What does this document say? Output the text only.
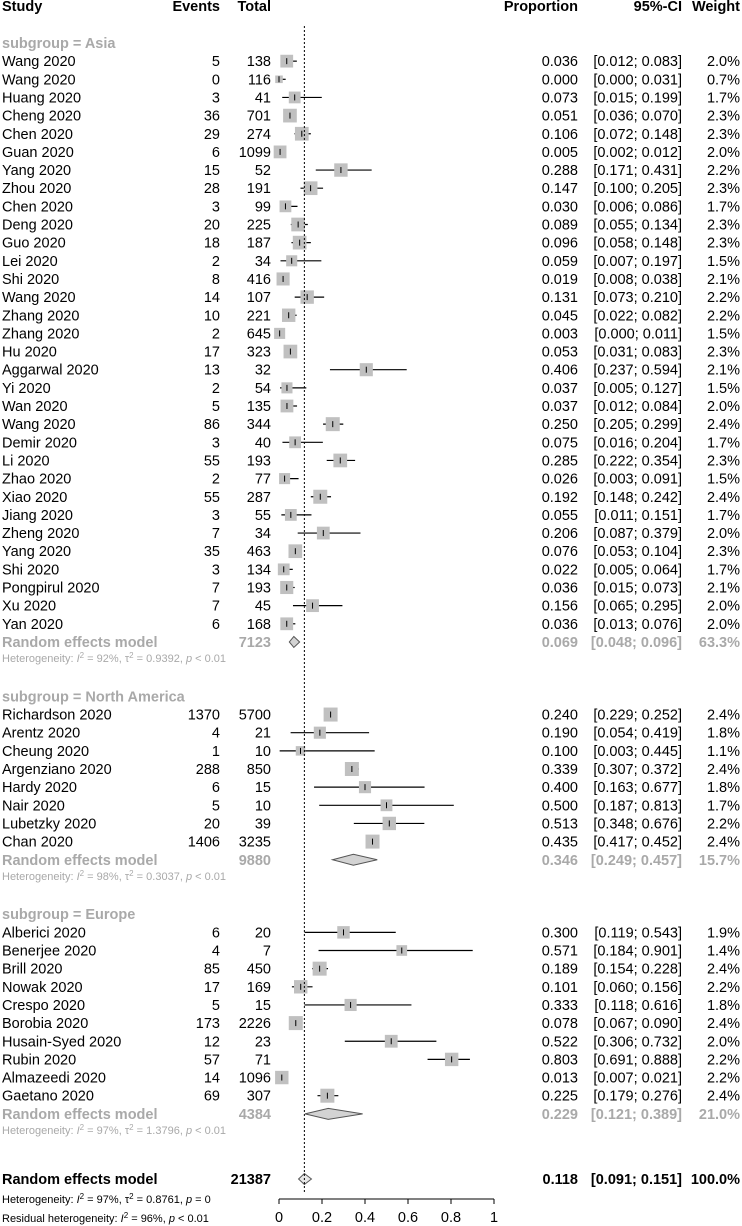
Study	Events Total	Proportion	95%-CI Weight
subgroup = Asia
Wang 2020	5 138	0.036 [0.012; 0.083] 2.0%
Wang 2020	0 116	0.000 [0.000; 0.031] 0.7%
Huang 2020	3 41	0.073 [0.015; 0.199] 1.7%
Cheng 2020	36 701	0.051 [0.036; 0.070] 2.3%
Chen 2020	29 274	0.106 [0.072; 0.148] 2.3%
Guan 2020	6 1099	0.005 [0.002; 0.012] 2.0%
Yang 2020	15 52	0.288 [0.171; 0.431] 2.2%
Zhou 2020	28 191	0.147 [0.100; 0.205] 2.3%
Chen 2020	3 99	0.030 [0.006; 0.086] 1.7%
Deng 2020	20 225	0.089 [0.055; 0.134] 2.3%
Guo 2020	18 187	0.096 [0.058; 0.148] 2.3%
Lei 2020	2 34	0.059 [0.007; 0.197] 1.5%
Shi 2020	8 416	0.019 [0.008; 0.038] 2.1%
Wang 2020	14 107	0.131 [0.073; 0.210] 2.2%
Zhang 2020	10 221	0.045 [0.022; 0.082] 2.2%
Zhang 2020	2 645	0.003 [0.000; 0.011] 1.5%
Hu 2020	17 323	0.053 [0.031; 0.083] 2.3%
Aggarwal 2020	13 32	0.406 [0.237; 0.594] 2.1%
Yi 2020	2 54	0.037 [0.005; 0.127] 1.5%
Wan 2020	5 135	0.037 [0.012; 0.084] 2.0%
Wang 2020	86 344	0.250 [0.205; 0.299] 2.4%
Demir 2020	3 40	0.075 [0.016; 0.204] 1.7%
Li 2020	55 193	0.285 [0.222; 0.354] 2.3%
Zhao 2020	2 77	0.026 [0.003; 0.091] 1.5%
Xiao 2020	55 287	0.192 [0.148; 0.242] 2.4%
Jiang 2020	3 55	0.055 [0.011; 0.151] 1.7%
Zheng 2020	7 34	0.206 [0.087; 0.379] 2.0%
Yang 2020	35 463	0.076 [0.053; 0.104] 2.3%
Shi 2020	3 134	0.022 [0.005; 0.064] 1.7%
Pongpirul 2020	7 193	0.036 [0.015; 0.073] 2.1%
Xu 2020	7 45	0.156 [0.065; 0.295] 2.0%
Yan 2020	6 168	0.036 [0.013; 0.076] 2.0%
Random effects model	7123	0.069 [0.048; 0.096] 63.3%
Heterogeneity: $I^2 = 92\%$, $\tau^2 = 0.9392$, p < 0.01
subgroup = North America
Richardson 2020	1370 5700	0.240 [0.229; 0.252] 2.4%
Arentz 2020	4 21	0.190 [0.054; 0.419] 1.8%
Cheung 2020	1 10	0.100 [0.003; 0.445] 1.1%
Argenziano 2020	288 850	0.339 [0.307; 0.372] 2.4%
Hardy 2020	6 15	0.400 [0.163; 0.677] 1.8%
Nair 2020	5 10	0.500 [0.187; 0.813] 1.7%
Lubetzky 2020	20 39	0.513 [0.348; 0.676] 2.2%
Chan 2020	1406 3235	0.435 [0.417; 0.452] 2.4%
Random effects model	9880	0.346 [0.249; 0.457] 15.7%
Heterogeneity: $I^2 = 98\%$, $\tau^2 = 0.3037$, p < 0.01
subgroup = Europe
Alberici 2020	6 20	0.300 [0.119; 0.543] 1.9%
Benerjee 2020	4	7	0.571 [0.184; 0.901] 1.4%
Brill 2020	85 450	0.189 [0.154; 0.228] 2.4%
Nowak 2020	17 169	0.101 [0.060; 0.156] 2.2%
Crespo 2020	5 15	0.333 [0.118; 0.616] 1.8%
Borobia 2020	173 2226	0.078 [0.067; 0.090] 2.4%
Husain-Syed 2020	12 23	0.522 [0.306; 0.732] 2.0%
Rubin 2020	57 71	0.803 [0.691; 0.888] 2.2%
Almazeedi 2020	14 1096	0.013 [0.007; 0.021] 2.2%
Gaetano 2020	69 307	0.225 [0.179; 0.276] 2.4%
Random effects model	4384	0.229 [0.121; 0.389] 21.0%
Heterogeneity: $I^2 = 97\%$, $\tau^2 = 1.3796$, p < 0.01
Random effects model	21387	0.118 [0.091; 0.151] 100.0%
Heterogeneity: $I^2 = 97\%$, $\tau^2 = 0.8761$, p = 0
Residual heterogeneity: $I^2 = 96\%$, p < 0.01	0 0.2 0.4 0.6 0.8 1
